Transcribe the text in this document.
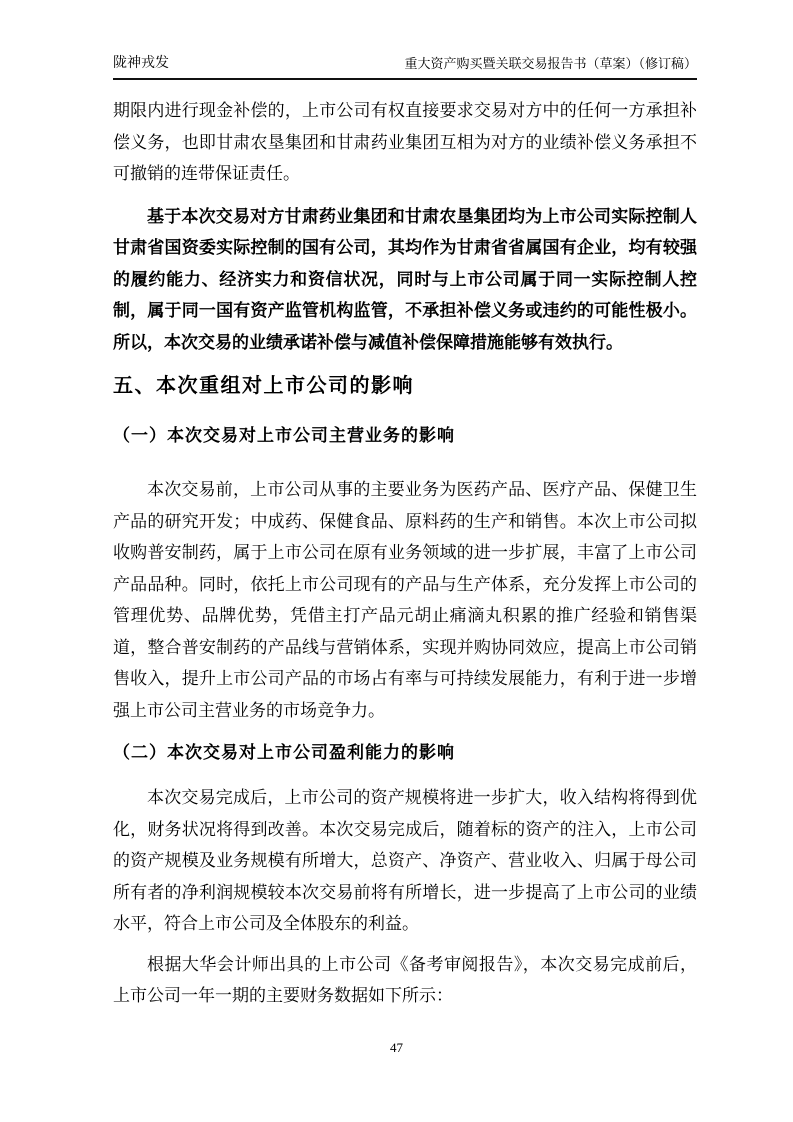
陇神戎发	重大资产购买暨关联交易报告书（草案）（修订稿）

期限内进行现金补偿的，上市公司有权直接要求交易对方中的任何一方承担补偿义务，也即甘肃农垦集团和甘肃药业集团互相为对方的业绩补偿义务承担不可撤销的连带保证责任。

基于本次交易对方甘肃药业集团和甘肃农垦集团均为上市公司实际控制人甘肃省国资委实际控制的国有公司，其均作为甘肃省省属国有企业，均有较强的履约能力、经济实力和资信状况，同时与上市公司属于同一实际控制人控制，属于同一国有资产监管机构监管，不承担补偿义务或违约的可能性极小。所以，本次交易的业绩承诺补偿与减值补偿保障措施能够有效执行。

五、本次重组对上市公司的影响
（一）本次交易对上市公司主营业务的影响

本次交易前，上市公司从事的主要业务为医药产品、医疗产品、保健卫生产品的研究开发；中成药、保健食品、原料药的生产和销售。本次上市公司拟收购普安制药，属于上市公司在原有业务领域的进一步扩展，丰富了上市公司产品品种。同时，依托上市公司现有的产品与生产体系，充分发挥上市公司的管理优势、品牌优势，凭借主打产品元胡止痛滴丸积累的推广经验和销售渠道，整合普安制药的产品线与营销体系，实现并购协同效应，提高上市公司销售收入，提升上市公司产品的市场占有率与可持续发展能力，有利于进一步增强上市公司主营业务的市场竞争力。

（二）本次交易对上市公司盈利能力的影响

本次交易完成后，上市公司的资产规模将进一步扩大，收入结构将得到优化，财务状况将得到改善。本次交易完成后，随着标的资产的注入，上市公司的资产规模及业务规模有所增大，总资产、净资产、营业收入、归属于母公司所有者的净利润规模较本次交易前将有所增长，进一步提高了上市公司的业绩水平，符合上市公司及全体股东的利益。

根据大华会计师出具的上市公司《备考审阅报告》，本次交易完成前后，上市公司一年一期的主要财务数据如下所示：

47
